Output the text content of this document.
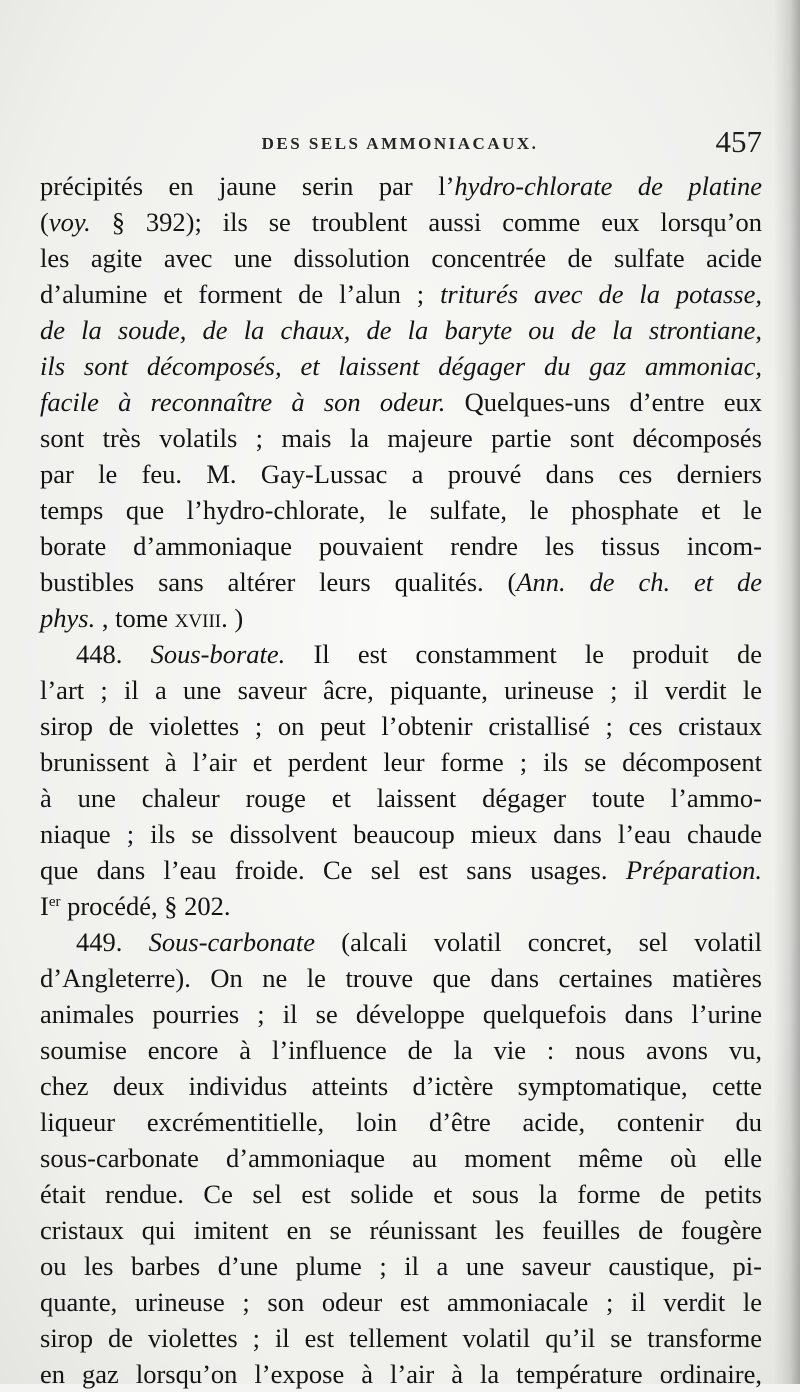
DES SELS AMMONIACAUX.	457
précipités en jaune serin par l’hydro-chlorate de platine
(voy. § 392); ils se troublent aussi comme eux lorsqu’on
les agite avec une dissolution concentrée de sulfate acide
d’alumine et forment de l’alun ; triturés avec de la potasse,
de la soude, de la chaux, de la baryte ou de la strontiane,
ils sont décomposés, et laissent dégager du gaz ammoniac,
facile à reconnaître à son odeur. Quelques-uns d’entre eux
sont très volatils ; mais la majeure partie sont décomposés
par le feu. M. Gay-Lussac a prouvé dans ces derniers
temps que l’hydro-chlorate, le sulfate, le phosphate et le
borate d’ammoniaque pouvaient rendre les tissus incom-
bustibles sans altérer leurs qualités. (Ann. de ch. et de
phys. , tome xviii. )
448. Sous-borate. Il est constamment le produit de
l’art ; il a une saveur âcre, piquante, urineuse ; il verdit le
sirop de violettes ; on peut l’obtenir cristallisé ; ces cristaux
brunissent à l’air et perdent leur forme ; ils se décomposent
à une chaleur rouge et laissent dégager toute l’ammo-
niaque ; ils se dissolvent beaucoup mieux dans l’eau chaude
que dans l’eau froide. Ce sel est sans usages. Préparation.
Ier procédé, § 202.
449. Sous-carbonate (alcali volatil concret, sel volatil
d’Angleterre). On ne le trouve que dans certaines matières
animales pourries ; il se développe quelquefois dans l’urine
soumise encore à l’influence de la vie : nous avons vu,
chez deux individus atteints d’ictère symptomatique, cette
liqueur excrémentitielle, loin d’être acide, contenir du
sous-carbonate d’ammoniaque au moment même où elle
était rendue. Ce sel est solide et sous la forme de petits
cristaux qui imitent en se réunissant les feuilles de fougère
ou les barbes d’une plume ; il a une saveur caustique, pi-
quante, urineuse ; son odeur est ammoniacale ; il verdit le
sirop de violettes ; il est tellement volatil qu’il se transforme
en gaz lorsqu’on l’expose à l’air à la température ordinaire,
